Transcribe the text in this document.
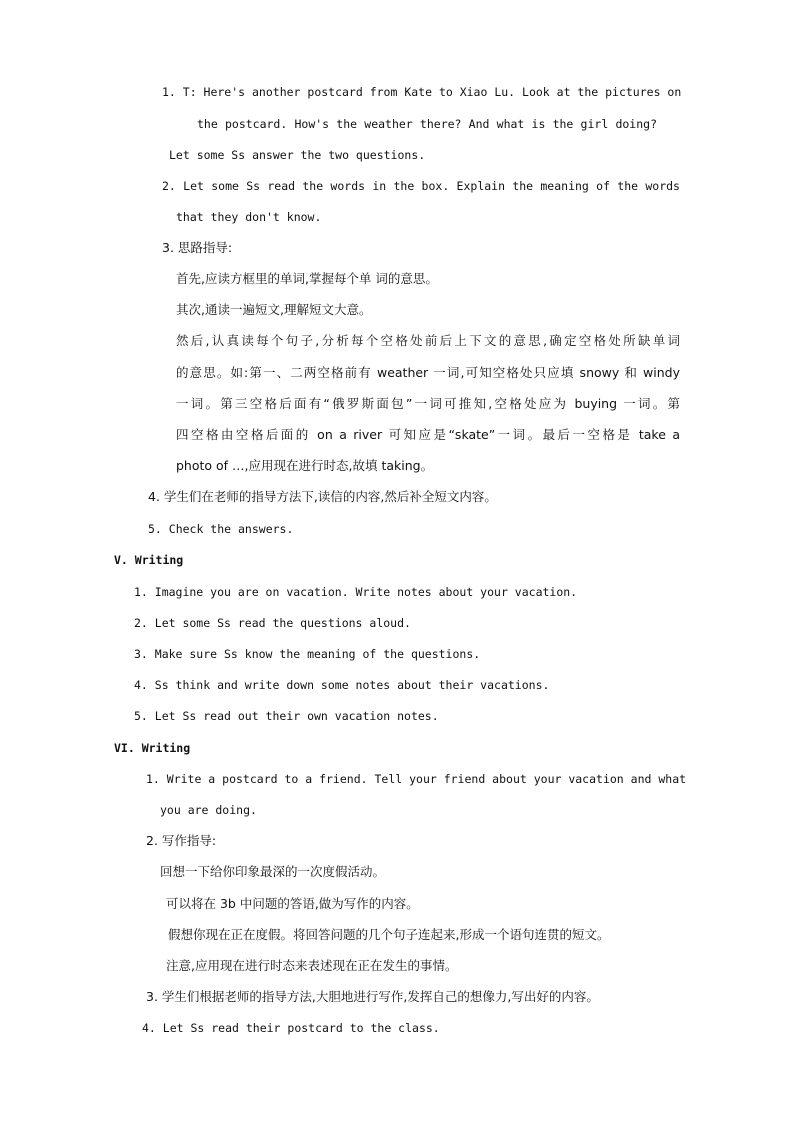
1. T: Here's another postcard from Kate to Xiao Lu. Look at the pictures on
the postcard. How's the weather there? And what is the girl doing?
Let some Ss answer the two questions.
2. Let some Ss read the words in the box. Explain the meaning of the words
that they don't know.
3. 思路指导:
首先,应读方框里的单词,掌握每个单 词的意思。
其次,通读一遍短文,理解短文大意。
然后,认真读每个句子,分析每个空格处前后上下文的意思,确定空格处所缺单词
的意思。如:第一、二两空格前有 weather 一词,可知空格处只应填 snowy 和 windy
一词。第三空格后面有“俄罗斯面包”一词可推知,空格处应为 buying 一词。第
四空格由空格后面的 on a river 可知应是“skate”一词。最后一空格是 take a
photo of …,应用现在进行时态,故填 taking。
4. 学生们在老师的指导方法下,读信的内容,然后补全短文内容。
5. Check the answers.
V. Writing
1. Imagine you are on vacation. Write notes about your vacation.
2. Let some Ss read the questions aloud.
3. Make sure Ss know the meaning of the questions.
4. Ss think and write down some notes about their vacations.
5. Let Ss read out their own vacation notes.
VI. Writing
1. Write a postcard to a friend. Tell your friend about your vacation and what
you are doing.
2. 写作指导:
回想一下给你印象最深的一次度假活动。
可以将在 3b 中问题的答语,做为写作的内容。
假想你现在正在度假。将回答问题的几个句子连起来,形成一个语句连贯的短文。
注意,应用现在进行时态来表述现在正在发生的事情。
3. 学生们根据老师的指导方法,大胆地进行写作,发挥自己的想像力,写出好的内容。
4. Let Ss read their postcard to the class.
